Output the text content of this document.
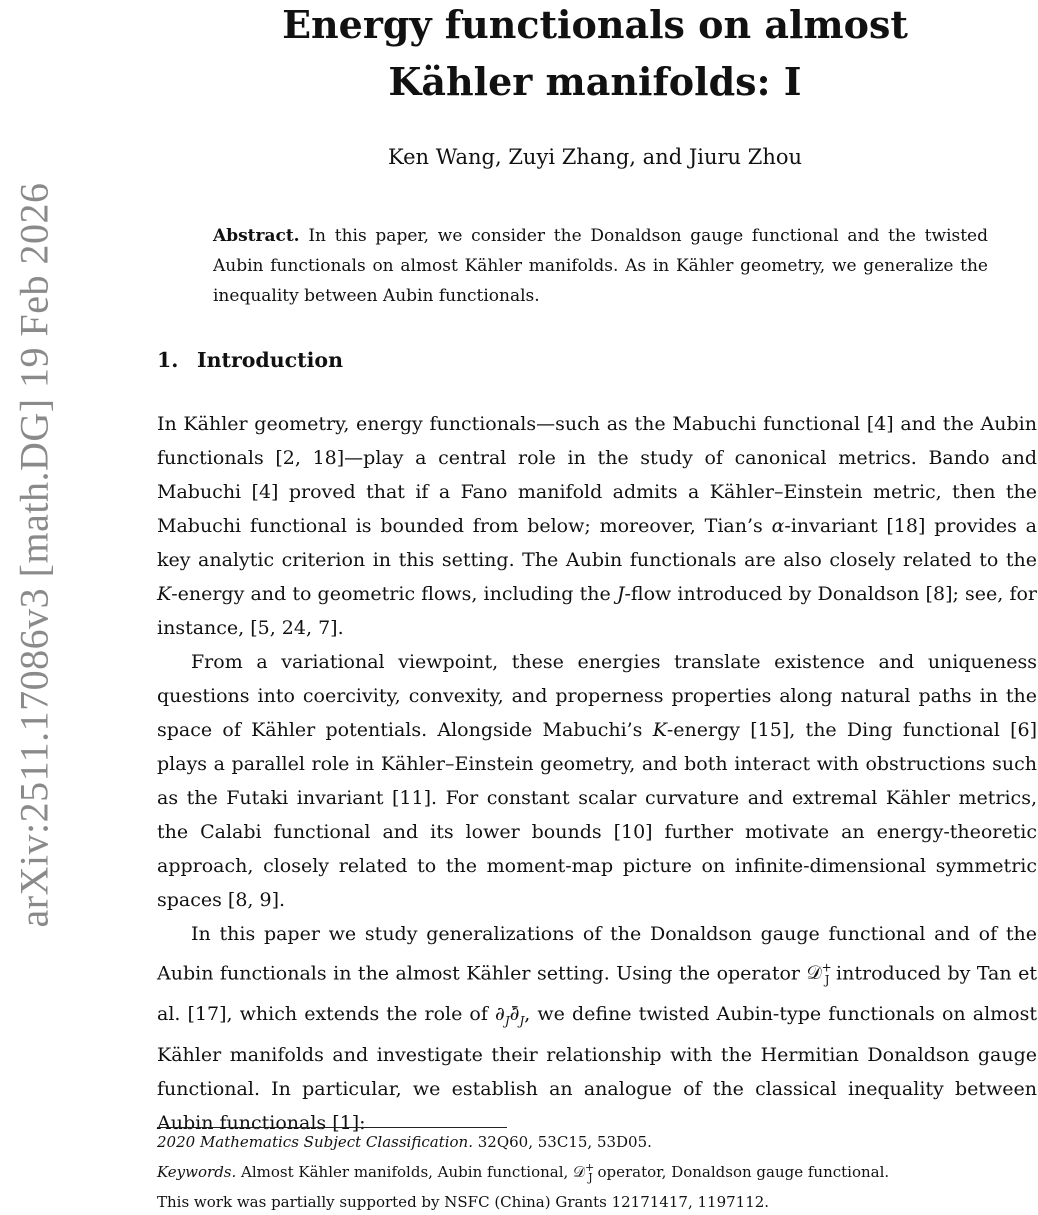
arXiv:2511.17086v3 [math.DG] 19 Feb 2026
Energy functionals on almost
Kähler manifolds: I
Ken Wang, Zuyi Zhang, and Jiuru Zhou

Abstract. In this paper, we consider the Donaldson gauge functional and the twisted Aubin functionals on almost Kähler manifolds. As in Kähler geometry, we generalize the inequality between Aubin functionals.

1. Introduction

In Kähler geometry, energy functionals—such as the Mabuchi functional [4] and the Aubin functionals [2, 18]—play a central role in the study of canonical metrics. Bando and Mabuchi [4] proved that if a Fano manifold admits a Kähler–Einstein metric, then the Mabuchi functional is bounded from below; moreover, Tian’s α-invariant [18] provides a key analytic criterion in this setting. The Aubin functionals are also closely related to the K-energy and to geometric flows, including the J-flow introduced by Donaldson [8]; see, for instance, [5, 24, 7].

From a variational viewpoint, these energies translate existence and uniqueness questions into coercivity, convexity, and properness properties along natural paths in the space of Kähler potentials. Alongside Mabuchi’s K-energy [15], the Ding functional [6] plays a parallel role in Kähler–Einstein geometry, and both interact with obstructions such as the Futaki invariant [11]. For constant scalar curvature and extremal Kähler metrics, the Calabi functional and its lower bounds [10] further motivate an energy-theoretic approach, closely related to the moment-map picture on infinite-dimensional symmetric spaces [8, 9].

In this paper we study generalizations of the Donaldson gauge functional and of the Aubin functionals in the almost Kähler setting. Using the operator 𝒟+$_J$ introduced by Tan et al. [17], which extends the role of $\partial_J\partial̄_J$, we define twisted Aubin-type functionals on almost Kähler manifolds and investigate their relationship with the Hermitian Donaldson gauge functional. In particular, we establish an analogue of the classical inequality between Aubin functionals [1]:

2020 Mathematics Subject Classification. 32Q60, 53C15, 53D05.
Keywords. Almost Kähler manifolds, Aubin functional, 𝒟+$_J$ operator, Donaldson gauge functional.
This work was partially supported by NSFC (China) Grants 12171417, 1197112.
